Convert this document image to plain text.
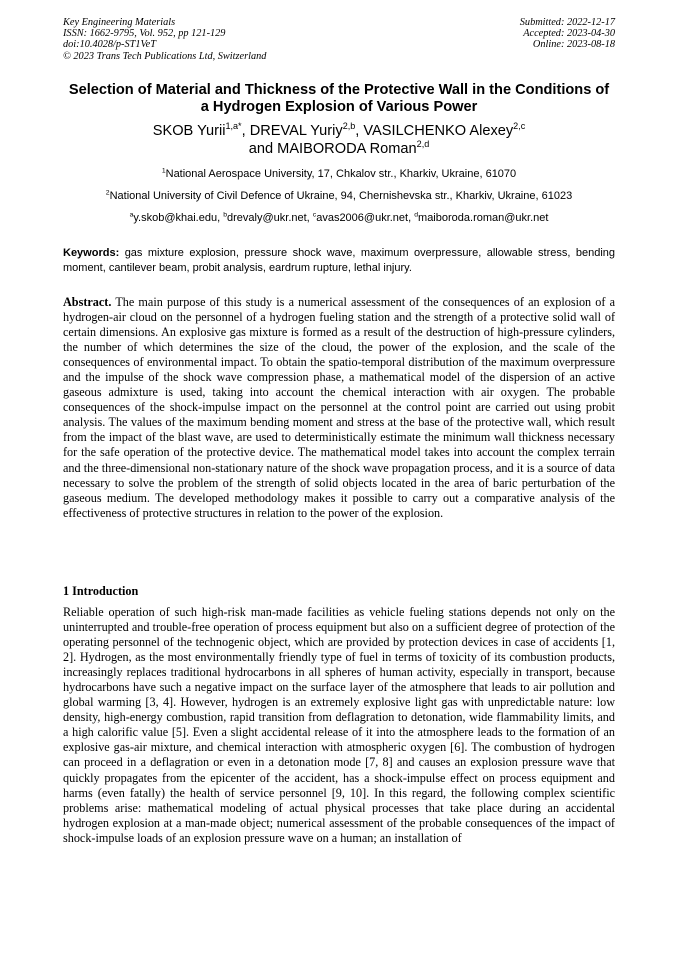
Key Engineering Materials
ISSN: 1662-9795, Vol. 952, pp 121-129
doi:10.4028/p-ST1VeT
© 2023 Trans Tech Publications Ltd, Switzerland
Submitted: 2022-12-17
Accepted: 2023-04-30
Online: 2023-08-18
Selection of Material and Thickness of the Protective Wall in the Conditions of a Hydrogen Explosion of Various Power
SKOB Yurii$^{1,a*}$, DREVAL Yuriy$^{2,b}$, VASILCHENKO Alexey$^{2,c}$
and MAIBORODA Roman$^{2,d}$
$^1$National Aerospace University, 17, Chkalov str., Kharkiv, Ukraine, 61070
$^2$National University of Civil Defence of Ukraine, 94, Chernishevska str., Kharkiv, Ukraine, 61023
$^a$y.skob@khai.edu, $^b$drevaly@ukr.net, $^c$avas2006@ukr.net, $^d$maiboroda.roman@ukr.net
Keywords: gas mixture explosion, pressure shock wave, maximum overpressure, allowable stress, bending moment, cantilever beam, probit analysis, eardrum rupture, lethal injury.
Abstract. The main purpose of this study is a numerical assessment of the consequences of an explosion of a hydrogen-air cloud on the personnel of a hydrogen fueling station and the strength of a protective solid wall of certain dimensions. An explosive gas mixture is formed as a result of the destruction of high-pressure cylinders, the number of which determines the size of the cloud, the power of the explosion, and the scale of the consequences of environmental impact. To obtain the spatio-temporal distribution of the maximum overpressure and the impulse of the shock wave compression phase, a mathematical model of the dispersion of an active gaseous admixture is used, taking into account the chemical interaction with air oxygen. The probable consequences of the shock-impulse impact on the personnel at the control point are carried out using probit analysis. The values of the maximum bending moment and stress at the base of the protective wall, which result from the impact of the blast wave, are used to deterministically estimate the minimum wall thickness necessary for the safe operation of the protective device. The mathematical model takes into account the complex terrain and the three-dimensional non-stationary nature of the shock wave propagation process, and it is a source of data necessary to solve the problem of the strength of solid objects located in the area of baric perturbation of the gaseous medium. The developed methodology makes it possible to carry out a comparative analysis of the effectiveness of protective structures in relation to the power of the explosion.
1 Introduction
Reliable operation of such high-risk man-made facilities as vehicle fueling stations depends not only on the uninterrupted and trouble-free operation of process equipment but also on a sufficient degree of protection of the operating personnel of the technogenic object, which are provided by protection devices in case of accidents [1, 2]. Hydrogen, as the most environmentally friendly type of fuel in terms of toxicity of its combustion products, increasingly replaces traditional hydrocarbons in all spheres of human activity, especially in transport, because hydrocarbons have such a negative impact on the surface layer of the atmosphere that leads to air pollution and global warming [3, 4]. However, hydrogen is an extremely explosive light gas with unpredictable nature: low density, high-energy combustion, rapid transition from deflagration to detonation, wide flammability limits, and a high calorific value [5]. Even a slight accidental release of it into the atmosphere leads to the formation of an explosive gas-air mixture, and chemical interaction with atmospheric oxygen [6]. The combustion of hydrogen can proceed in a deflagration or even in a detonation mode [7, 8] and causes an explosion pressure wave that quickly propagates from the epicenter of the accident, has a shock-impulse effect on process equipment and harms (even fatally) the health of service personnel [9, 10]. In this regard, the following complex scientific problems arise: mathematical modeling of actual physical processes that take place during an accidental hydrogen explosion at a man-made object; numerical assessment of the probable consequences of the impact of shock-impulse loads of an explosion pressure wave on a human; an installation of
